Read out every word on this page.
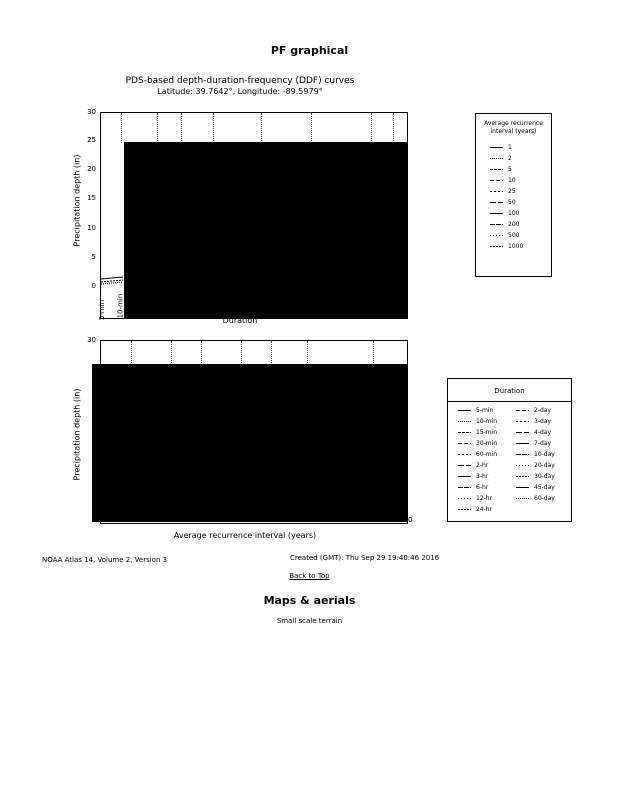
PF graphical
PDS-based depth-duration-frequency (DDF) curves
Latitude: 39.7642°, Longitude: -89.5979°
30
25
20
15
10
5
0
Precipitation depth (in)
5-min 10-min
Duration
Average recurrence interval (years)
1
2
5
10
25
50
100
200
500
1000
30
Precipitation depth (in)
0
Average recurrence interval (years)
Duration
5-min
10-min
15-min
30-min
60-min
2-hr
3-hr
6-hr
12-hr
24-hr
2-day
3-day
4-day
7-day
10-day
20-day
30-day
45-day
60-day
NOAA Atlas 14, Volume 2, Version 3	Created (GMT): Thu Sep 29 19:40:46 2016
Back to Top
Maps & aerials
Small scale terrain
